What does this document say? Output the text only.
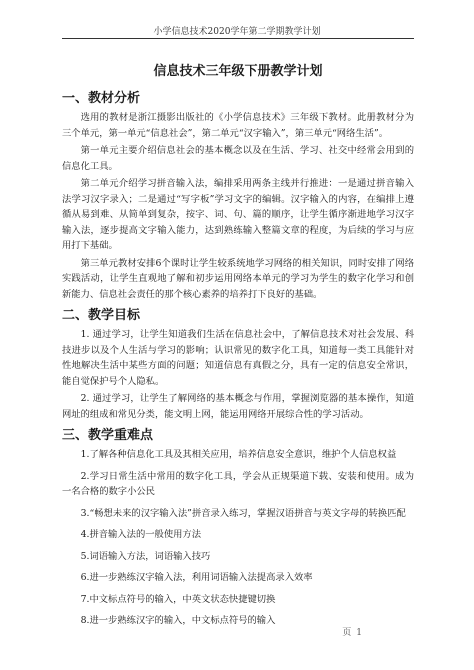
小学信息技术2020学年第二学期教学计划
信息技术三年级下册教学计划
一、教材分析

选用的教材是浙江摄影出版社的《小学信息技术》三年级下教材。此册教材分为三个单元，第一单元“信息社会”，第二单元“汉字输入”，第三单元“网络生活”。

第一单元主要介绍信息社会的基本概念以及在生活、学习、社交中经常会用到的信息化工具。

第二单元介绍学习拼音输入法，编排采用两条主线并行推进：一是通过拼音输入法学习汉字录入；二是通过“写字板”学习文字的编辑。汉字输入的内容，在编排上遵循从易到难、从简单到复杂，按字、词、句、篇的顺序，让学生循序渐进地学习汉字输入法，逐步提高文字输入能力，达到熟练输入整篇文章的程度，为后续的学习与应用打下基础。

第三单元教材安排6个课时让学生较系统地学习网络的相关知识，同时安排了网络实践活动，让学生直观地了解和初步运用网络本单元的学习为学生的数字化学习和创新能力、信息社会责任的那个核心素养的培养打下良好的基础。

二、教学目标

1. 通过学习，让学生知道我们生活在信息社会中，了解信息技术对社会发展、科技进步以及个人生活与学习的影响；认识常见的数字化工具，知道每一类工具能针对性地解决生活中某些方面的问题；知道信息有真假之分，具有一定的信息安全常识，能自觉保护号个人隐私。

2. 通过学习，让学生了解网络的基本概念与作用，掌握浏览器的基本操作，知道网址的组成和常见分类，能文明上网，能运用网络开展综合性的学习活动。

三、教学重难点

1.了解各种信息化工具及其相关应用，培养信息安全意识，维护个人信息权益

2.学习日常生活中常用的数字化工具，学会从正规渠道下载、安装和使用。成为一名合格的数字小公民

3.“畅想未来的汉字输入法”拼音录入练习，掌握汉语拼音与英文字母的转换匹配

4.拼音输入法的一般使用方法

5.词语输入方法，词语输入技巧

6.进一步熟练汉字输入法，利用词语输入法提高录入效率

7.中文标点符号的输入，中英文状态快捷键切换

8.进一步熟练汉字的输入，中文标点符号的输入

页 1
